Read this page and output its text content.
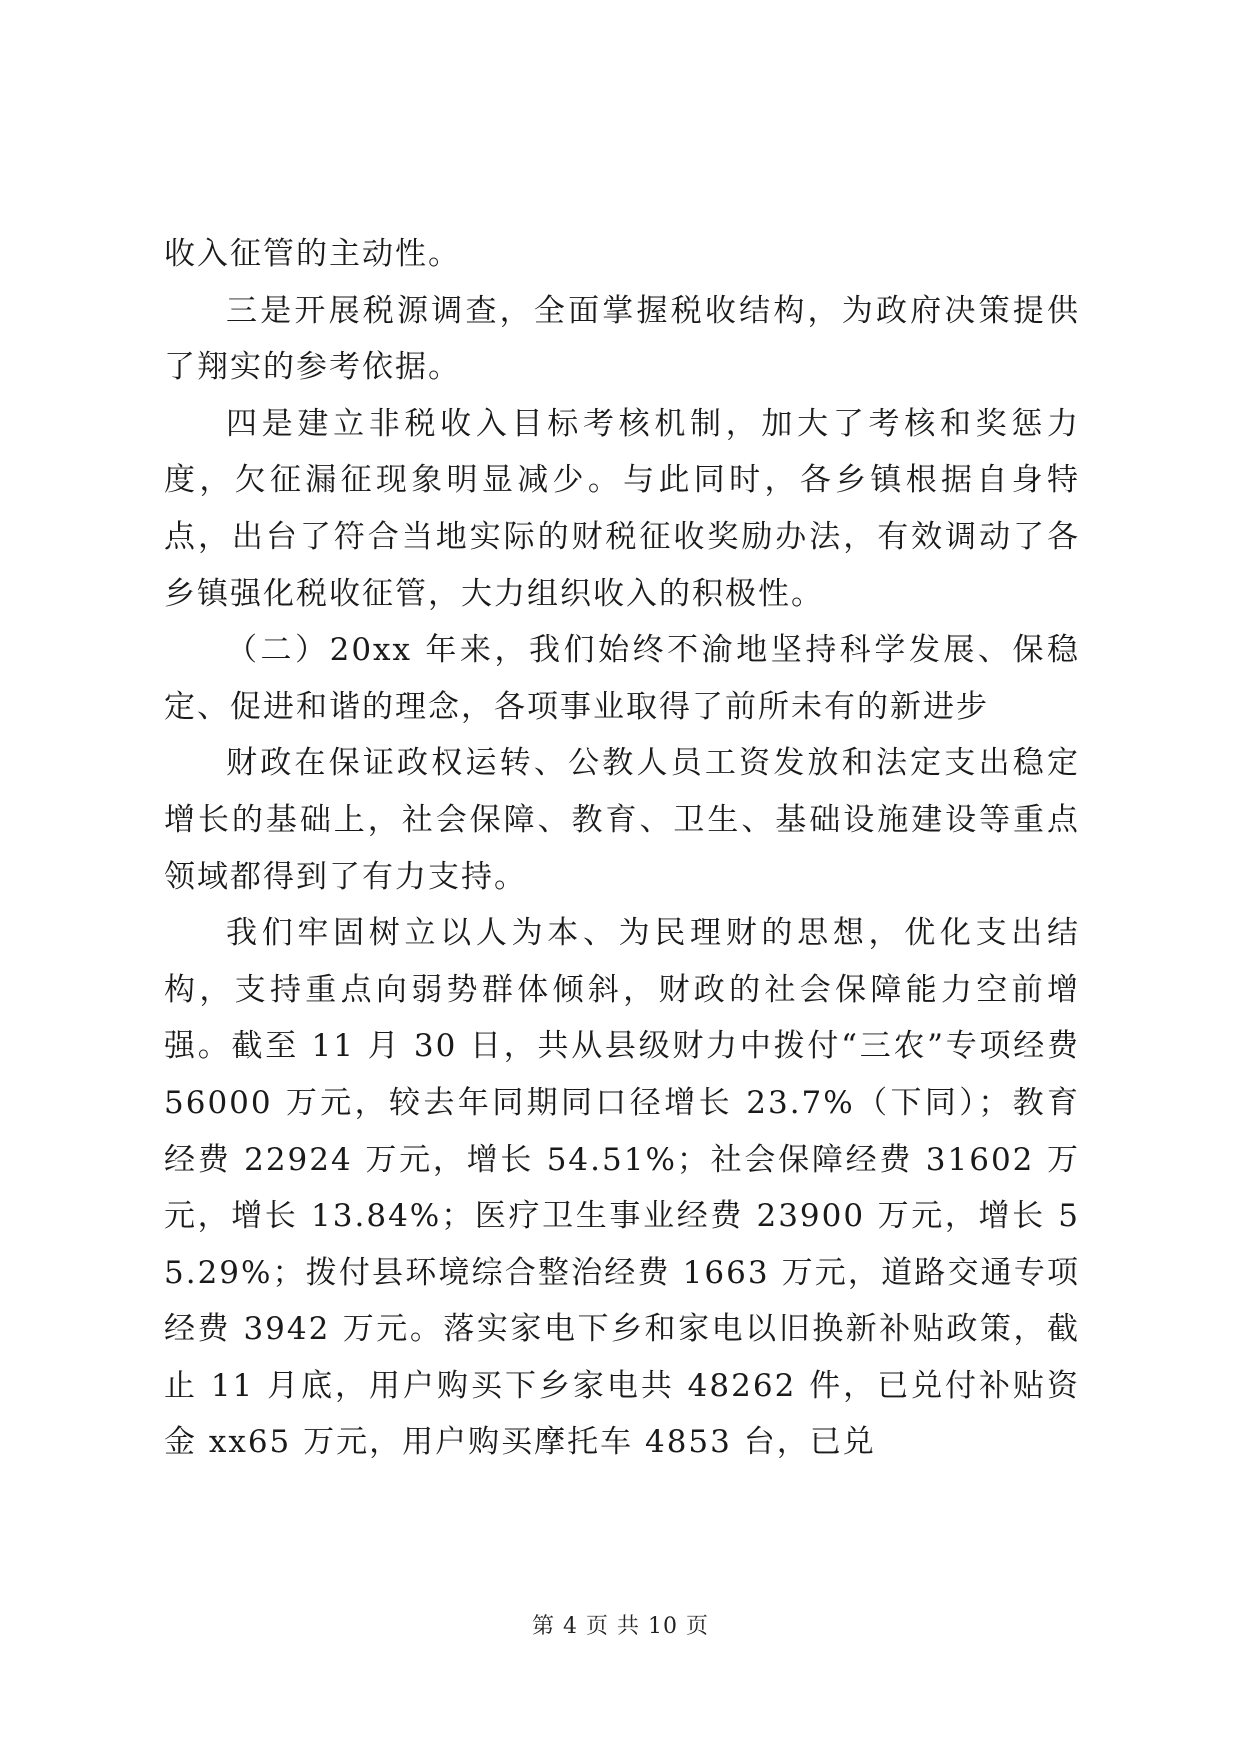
收入征管的主动性。

三是开展税源调查，全面掌握税收结构，为政府决策提供了翔实的参考依据。

四是建立非税收入目标考核机制，加大了考核和奖惩力度，欠征漏征现象明显减少。与此同时，各乡镇根据自身特点，出台了符合当地实际的财税征收奖励办法，有效调动了各乡镇强化税收征管，大力组织收入的积极性。

（二）20xx 年来，我们始终不渝地坚持科学发展、保稳定、促进和谐的理念，各项事业取得了前所未有的新进步

财政在保证政权运转、公教人员工资发放和法定支出稳定增长的基础上，社会保障、教育、卫生、基础设施建设等重点领域都得到了有力支持。

我们牢固树立以人为本、为民理财的思想，优化支出结构，支持重点向弱势群体倾斜，财政的社会保障能力空前增强。截至 11 月 30 日，共从县级财力中拨付“三农”专项经费 56000 万元，较去年同期同口径增长 23.7%（下同）；教育经费 22924 万元，增长 54.51%；社会保障经费 31602 万元，增长 13.84%；医疗卫生事业经费 23900 万元，增长 55.29%；拨付县环境综合整治经费 1663 万元，道路交通专项经费 3942 万元。落实家电下乡和家电以旧换新补贴政策，截止 11 月底，用户购买下乡家电共 48262 件，已兑付补贴资金 xx65 万元，用户购买摩托车 4853 台，已兑

第 4 页 共 10 页
